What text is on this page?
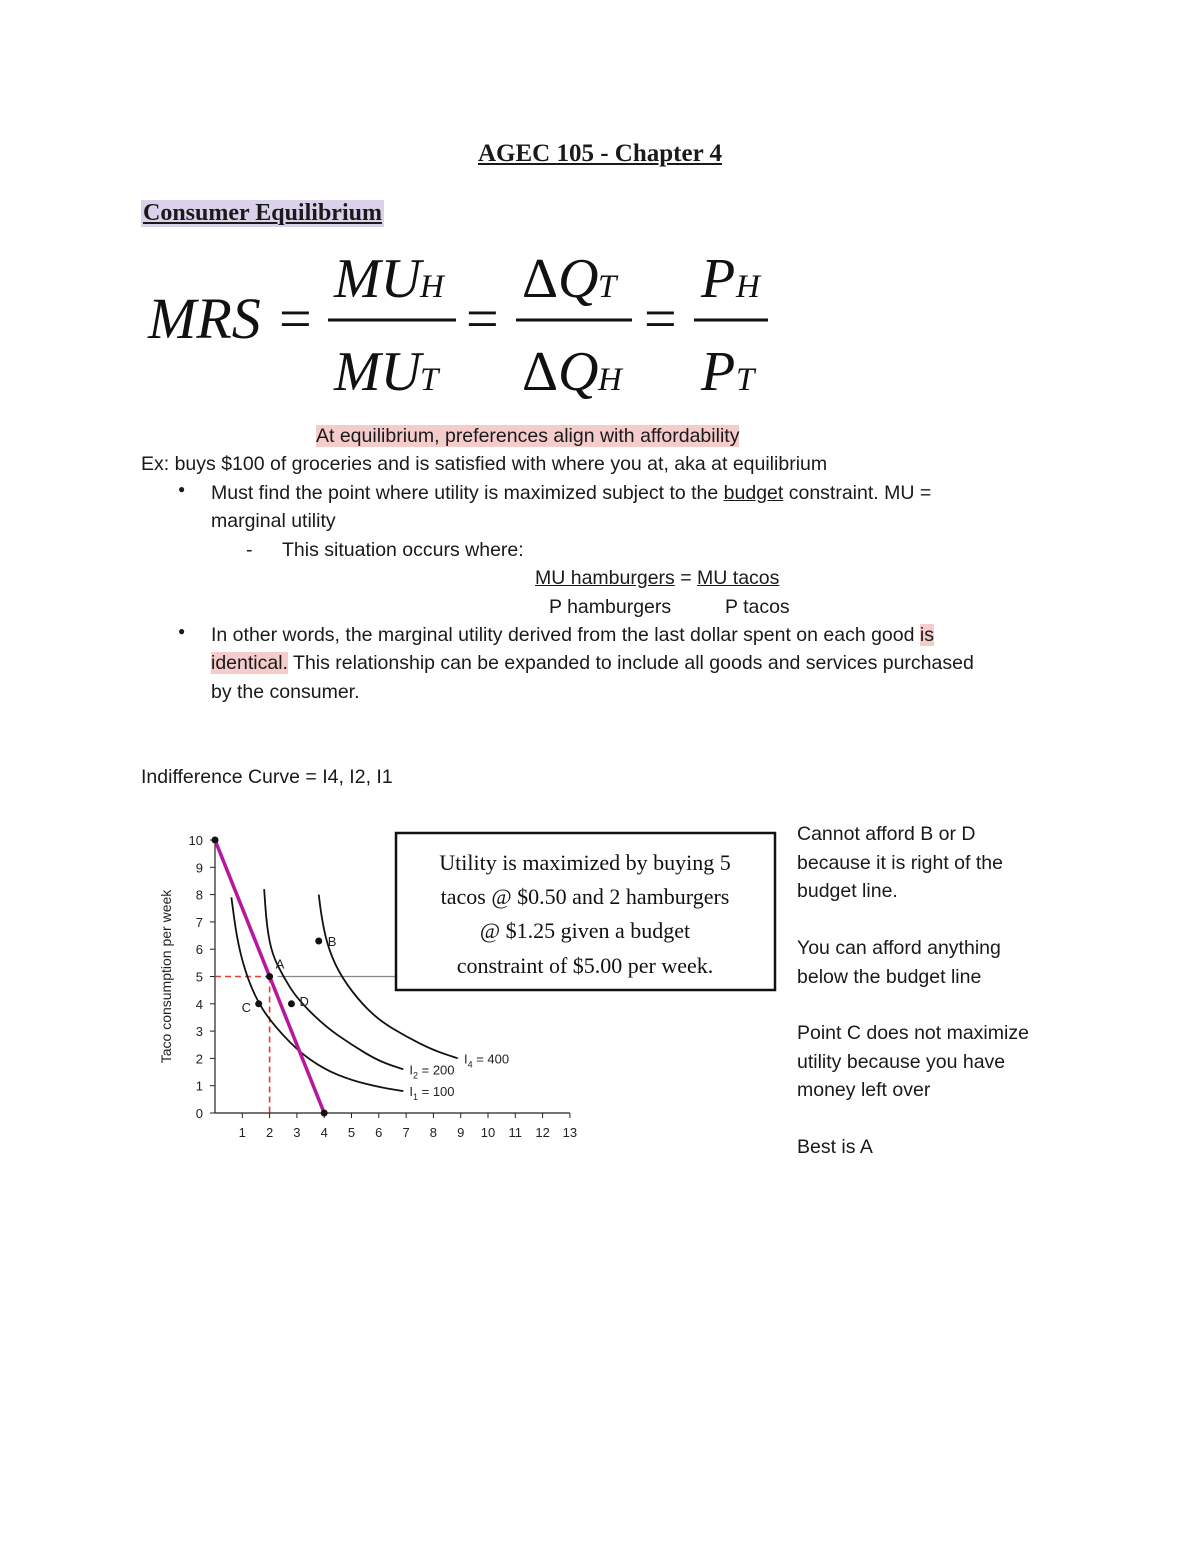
AGEC 105 - Chapter 4
Consumer Equilibrium
MRS =
MU
H
MU
T
=
Δ Q T
Δ Q H
=
P H
P T
At equilibrium, preferences align with affordability
Ex: buys $100 of groceries and is satisfied with where you at, aka at equilibrium
● Must find the point where utility is maximized subject to the budget constraint. MU =
marginal utility
- This situation occurs where:
MU hamburgers = MU tacos
P hamburgers	P tacos
● In other words, the marginal utility derived from the last dollar spent on each good is
identical. This relationship can be expanded to include all goods and services purchased
by the consumer.
Indifference Curve = I4, I2, I1
1 2 3 4 5 6 7 8 9 10 11 12 13
0
1
2
3
4
5
6
7
8
9
10
Taco consumption per week	$I_4 = 400$
$I_2 = 200$
$I_1 = 100$
A
B
C	D
Utility is maximized by buying 5
tacos @ $0.50 and 2 hamburgers
@ $1.25 given a budget
constraint of $5.00 per week.
Cannot afford B or D
because it is right of the
budget line.
You can afford anything
below the budget line
Point C does not maximize
utility because you have
money left over
Best is A
